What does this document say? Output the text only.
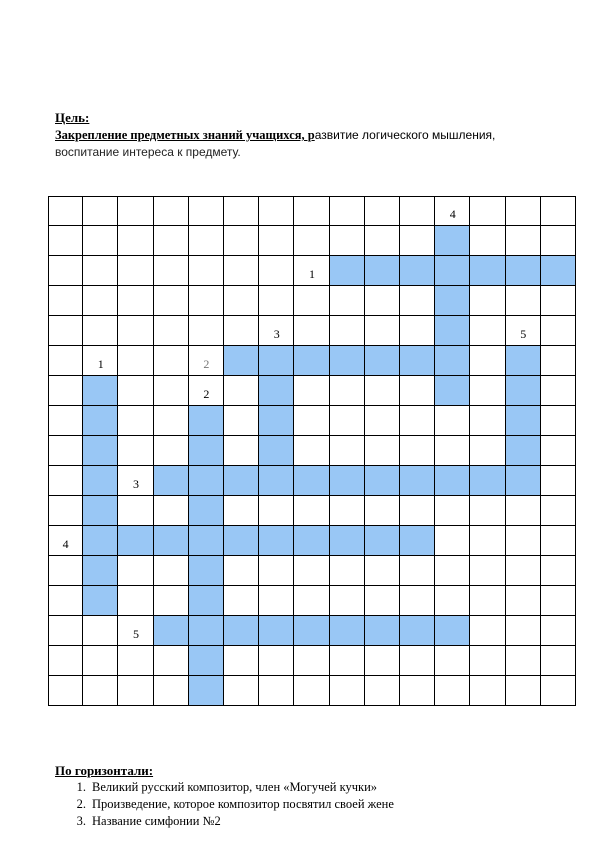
Цель:
Закрепление предметных знаний учащихся, развитие логического мышления,
воспитание интереса к предмету.
4
1
3	5
2
1
2
3
4
5
По горизонтали:
1. Великий русский композитор, член «Могучей кучки»
2. Произведение, которое композитор посвятил своей жене
3. Название симфонии №2
